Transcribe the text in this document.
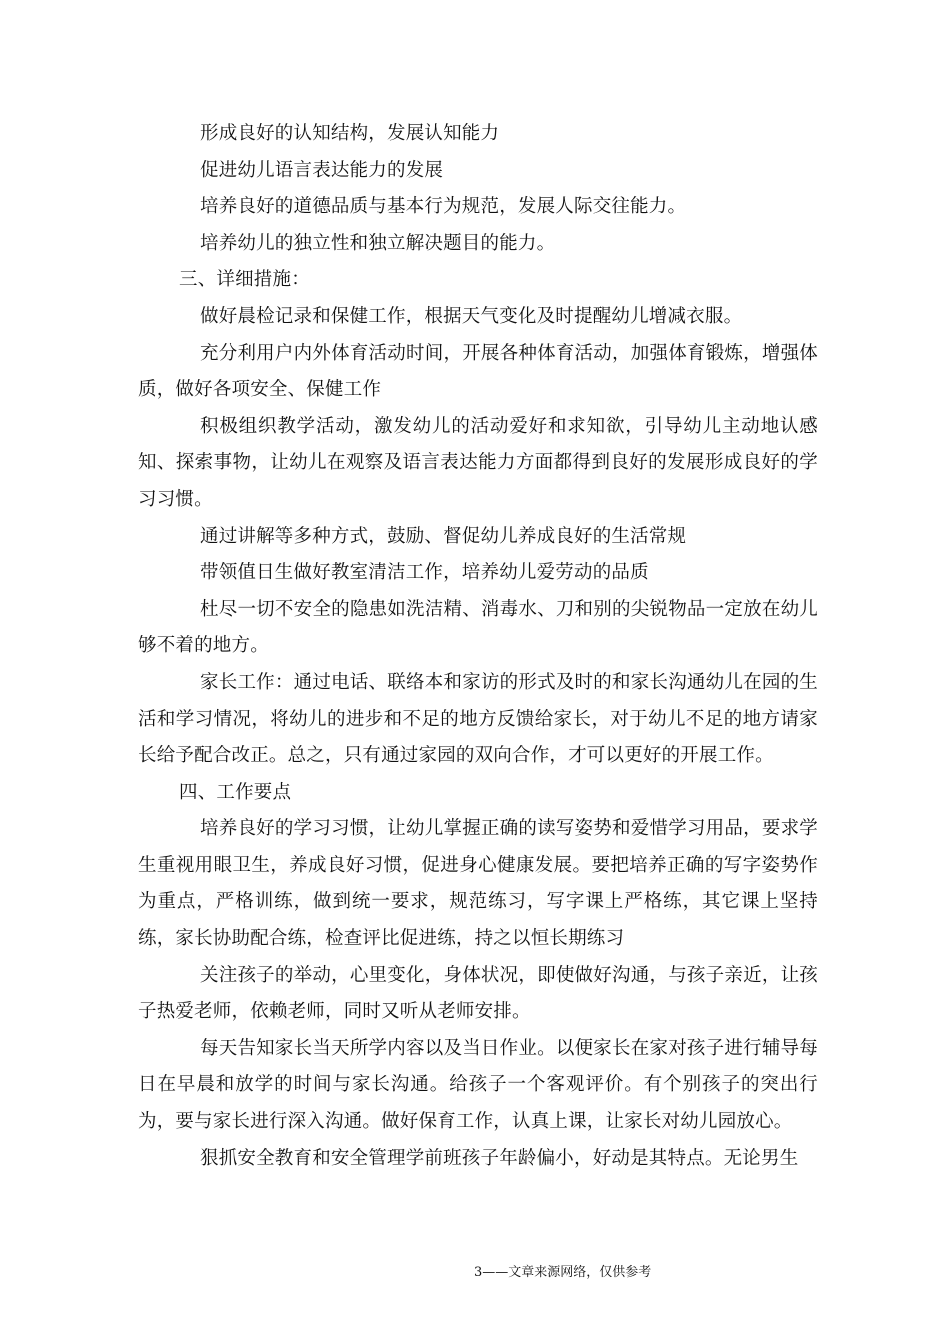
形成良好的认知结构，发展认知能力

促进幼儿语言表达能力的发展

培养良好的道德品质与基本行为规范，发展人际交往能力。

培养幼儿的独立性和独立解决题目的能力。

三、详细措施：

做好晨检记录和保健工作，根据天气变化及时提醒幼儿增减衣服。

充分利用户内外体育活动时间，开展各种体育活动，加强体育锻炼，增强体质，做好各项安全、保健工作

积极组织教学活动，激发幼儿的活动爱好和求知欲，引导幼儿主动地认感知、探索事物，让幼儿在观察及语言表达能力方面都得到良好的发展形成良好的学习习惯。

通过讲解等多种方式，鼓励、督促幼儿养成良好的生活常规

带领值日生做好教室清洁工作，培养幼儿爱劳动的品质

杜尽一切不安全的隐患如洗洁精、消毒水、刀和别的尖锐物品一定放在幼儿够不着的地方。

家长工作：通过电话、联络本和家访的形式及时的和家长沟通幼儿在园的生活和学习情况，将幼儿的进步和不足的地方反馈给家长，对于幼儿不足的地方请家长给予配合改正。总之，只有通过家园的双向合作，才可以更好的开展工作。

四、工作要点

培养良好的学习习惯，让幼儿掌握正确的读写姿势和爱惜学习用品，要求学生重视用眼卫生，养成良好习惯，促进身心健康发展。要把培养正确的写字姿势作为重点，严格训练，做到统一要求，规范练习，写字课上严格练，其它课上坚持练，家长协助配合练，检查评比促进练，持之以恒长期练习

关注孩子的举动，心里变化，身体状况，即使做好沟通，与孩子亲近，让孩子热爱老师，依赖老师，同时又听从老师安排。

每天告知家长当天所学内容以及当日作业。以便家长在家对孩子进行辅导每日在早晨和放学的时间与家长沟通。给孩子一个客观评价。有个别孩子的突出行为，要与家长进行深入沟通。做好保育工作，认真上课，让家长对幼儿园放心。

狠抓安全教育和安全管理学前班孩子年龄偏小，好动是其特点。无论男生

3——文章来源网络，仅供参考
